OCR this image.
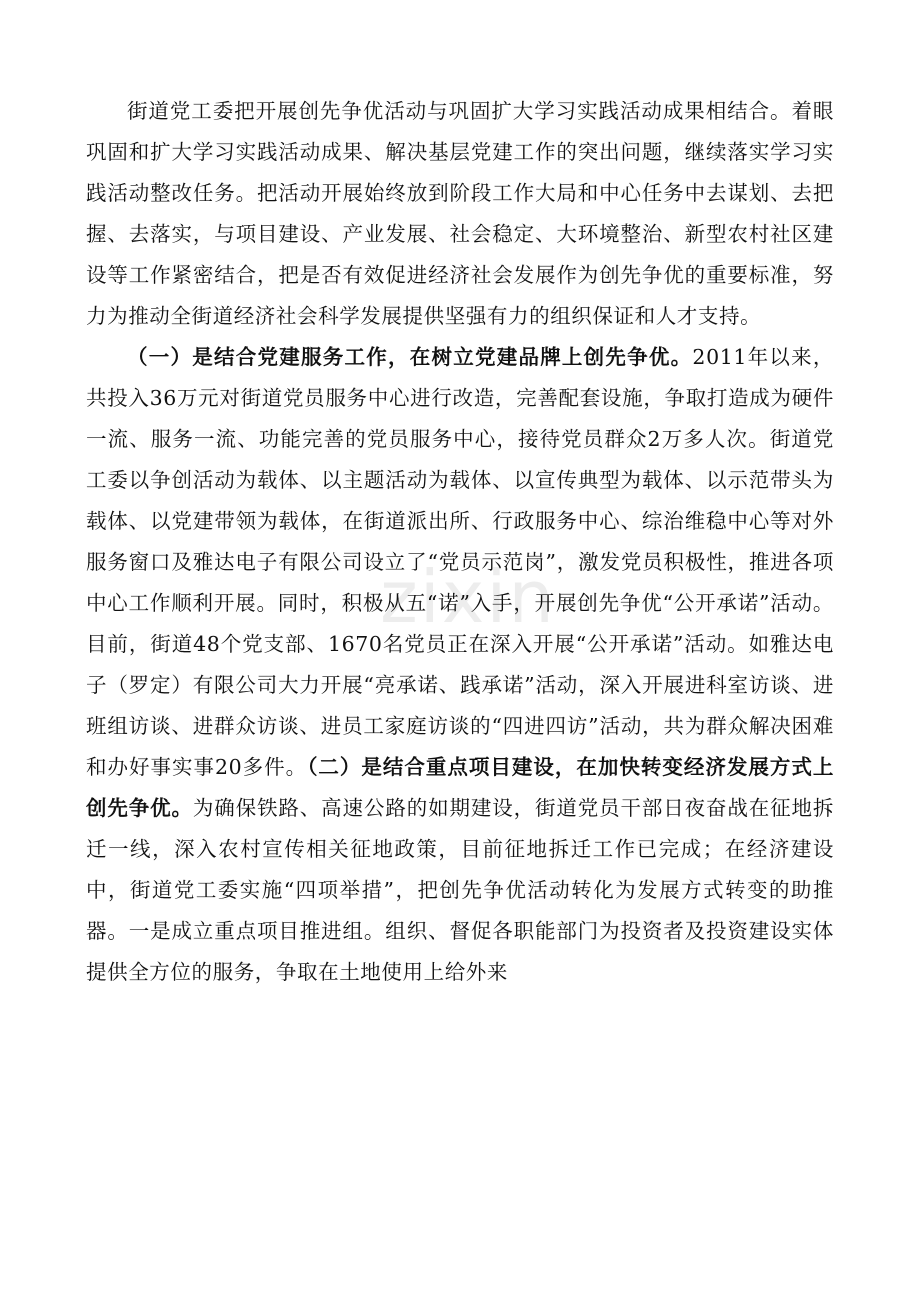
街道党工委把开展创先争优活动与巩固扩大学习实践活动成果相结合。着眼巩固和扩大学习实践活动成果、解决基层党建工作的突出问题，继续落实学习实践活动整改任务。把活动开展始终放到阶段工作大局和中心任务中去谋划、去把握、去落实，与项目建设、产业发展、社会稳定、大环境整治、新型农村社区建设等工作紧密结合，把是否有效促进经济社会发展作为创先争优的重要标准，努力为推动全街道经济社会科学发展提供坚强有力的组织保证和人才支持。

（一）是结合党建服务工作，在树立党建品牌上创先争优。2011年以来，共投入36万元对街道党员服务中心进行改造，完善配套设施，争取打造成为硬件一流、服务一流、功能完善的党员服务中心，接待党员群众2万多人次。街道党工委以争创活动为载体、以主题活动为载体、以宣传典型为载体、以示范带头为载体、以党建带领为载体，在街道派出所、行政服务中心、综治维稳中心等对外服务窗口及雅达电子有限公司设立了“党员示范岗”，激发党员积极性，推进各项中心工作顺利开展。同时，积极从五“诺”入手，开展创先争优“公开承诺”活动。目前，街道48个党支部、1670名党员正在深入开展“公开承诺”活动。如雅达电子（罗定）有限公司大力开展“亮承诺、践承诺”活动，深入开展进科室访谈、进班组访谈、进群众访谈、进员工家庭访谈的“四进四访”活动，共为群众解决困难和办好事实事20多件。（二）是结合重点项目建设，在加快转变经济发展方式上创先争优。为确保铁路、高速公路的如期建设，街道党员干部日夜奋战在征地拆迁一线，深入农村宣传相关征地政策，目前征地拆迁工作已完成；在经济建设中，街道党工委实施“四项举措”，把创先争优活动转化为发展方式转变的助推器。一是成立重点项目推进组。组织、督促各职能部门为投资者及投资建设实体提供全方位的服务，争取在土地使用上给外来

zixin
